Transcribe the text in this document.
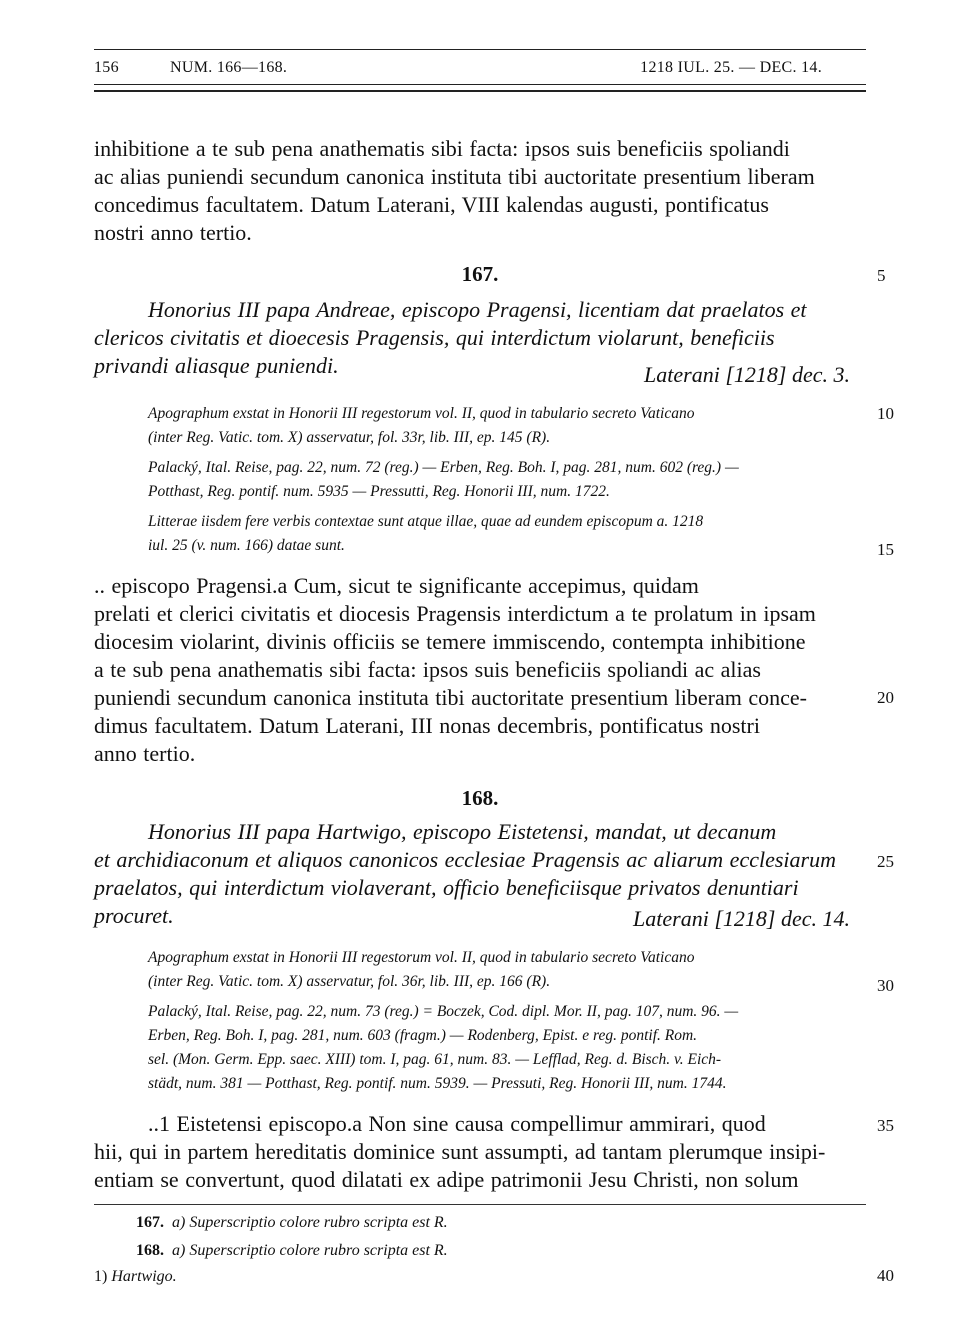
156	NUM. 166—168.	1218 IUL. 25. — DEC. 14.
inhibitione a te sub pena anathematis sibi facta: ipsos suis beneficiis spoliandi
ac alias puniendi secundum canonica instituta tibi auctoritate presentium liberam
concedimus facultatem. Datum Laterani, VIII kalendas augusti, pontificatus
nostri anno tertio.
167.
Honorius III papa Andreae, episcopo Pragensi, licentiam dat praelatos et
clericos civitatis et dioecesis Pragensis, qui interdictum violarunt, beneficiis
privandi aliasque puniendi.	Laterani [1218] dec. 3.
Apographum exstat in Honorii III regestorum vol. II, quod in tabulario secreto Vaticano
(inter Reg. Vatic. tom. X) asservatur, fol. 33r, lib. III, ep. 145 (R).
Palacký, Ital. Reise, pag. 22, num. 72 (reg.) — Erben, Reg. Boh. I, pag. 281, num. 602 (reg.) —
Potthast, Reg. pontif. num. 5935 — Pressutti, Reg. Honorii III, num. 1722.
Litterae iisdem fere verbis contextae sunt atque illae, quae ad eundem episcopum a. 1218
iul. 25 (v. num. 166) datae sunt.
.. episcopo Pragensi.a Cum, sicut te significante accepimus, quidam
prelati et clerici civitatis et diocesis Pragensis interdictum a te prolatum in ipsam
diocesim violarint, divinis officiis se temere immiscendo, contempta inhibitione
a te sub pena anathematis sibi facta: ipsos suis beneficiis spoliandi ac alias
puniendi secundum canonica instituta tibi auctoritate presentium liberam conce-
dimus facultatem. Datum Laterani, III nonas decembris, pontificatus nostri
anno tertio.
168.
Honorius III papa Hartwigo, episcopo Eistetensi, mandat, ut decanum
et archidiaconum et aliquos canonicos ecclesiae Pragensis ac aliarum ecclesiarum
praelatos, qui interdictum violaverant, officio beneficiisque privatos denuntiari
procuret.	Laterani [1218] dec. 14.
Apographum exstat in Honorii III regestorum vol. II, quod in tabulario secreto Vaticano
(inter Reg. Vatic. tom. X) asservatur, fol. 36r, lib. III, ep. 166 (R).
Palacký, Ital. Reise, pag. 22, num. 73 (reg.) = Boczek, Cod. dipl. Mor. II, pag. 107, num. 96. —
Erben, Reg. Boh. I, pag. 281, num. 603 (fragm.) — Rodenberg, Epist. e reg. pontif. Rom.
sel. (Mon. Germ. Epp. saec. XIII) tom. I, pag. 61, num. 83. — Lefflad, Reg. d. Bisch. v. Eich-
städt, num. 381 — Potthast, Reg. pontif. num. 5939. — Pressuti, Reg. Honorii III, num. 1744.
..1 Eistetensi episcopo.a Non sine causa compellimur ammirari, quod
hii, qui in partem hereditatis dominice sunt assumpti, ad tantam plerumque insipi-
entiam se convertunt, quod dilatati ex adipe patrimonii Jesu Christi, non solum
5
10
15
20
25
30
35
40
167. a) Superscriptio colore rubro scripta est R.
168. a) Superscriptio colore rubro scripta est R.
1) Hartwigo.
